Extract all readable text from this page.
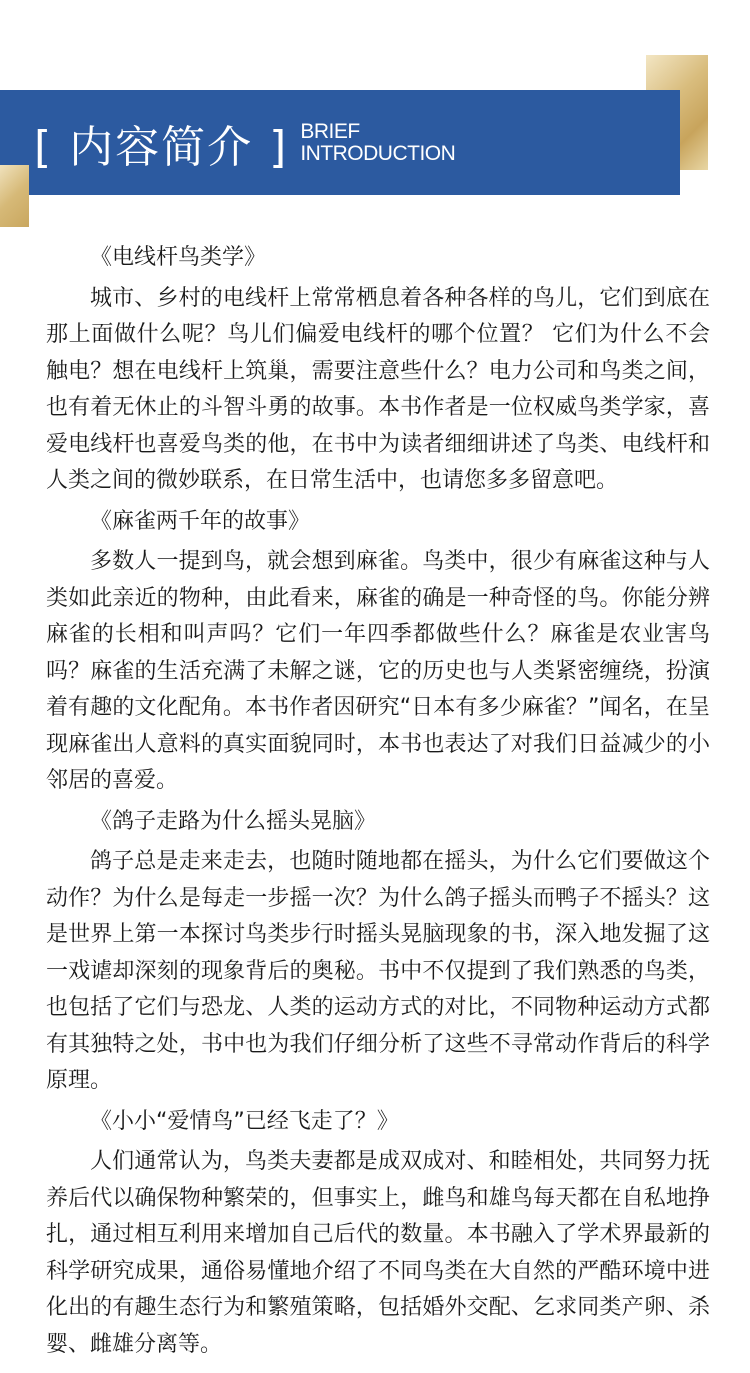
[ 内容简介 ] BRIEF
INTRODUCTION

《电线杆鸟类学》

城市、乡村的电线杆上常常栖息着各种各样的鸟儿，它们到底在那上面做什么呢？鸟儿们偏爱电线杆的哪个位置？ 它们为什么不会触电？想在电线杆上筑巢，需要注意些什么？电力公司和鸟类之间，也有着无休止的斗智斗勇的故事。本书作者是一位权威鸟类学家，喜爱电线杆也喜爱鸟类的他，在书中为读者细细讲述了鸟类、电线杆和人类之间的微妙联系，在日常生活中，也请您多多留意吧。

《麻雀两千年的故事》

多数人一提到鸟，就会想到麻雀。鸟类中，很少有麻雀这种与人类如此亲近的物种，由此看来，麻雀的确是一种奇怪的鸟。你能分辨麻雀的长相和叫声吗？它们一年四季都做些什么？麻雀是农业害鸟吗？麻雀的生活充满了未解之谜，它的历史也与人类紧密缠绕，扮演着有趣的文化配角。本书作者因研究“日本有多少麻雀？”闻名，在呈现麻雀出人意料的真实面貌同时，本书也表达了对我们日益减少的小邻居的喜爱。

《鸽子走路为什么摇头晃脑》

鸽子总是走来走去，也随时随地都在摇头，为什么它们要做这个动作？为什么是每走一步摇一次？为什么鸽子摇头而鸭子不摇头？这是世界上第一本探讨鸟类步行时摇头晃脑现象的书，深入地发掘了这一戏谑却深刻的现象背后的奥秘。书中不仅提到了我们熟悉的鸟类，也包括了它们与恐龙、人类的运动方式的对比，不同物种运动方式都有其独特之处，书中也为我们仔细分析了这些不寻常动作背后的科学原理。

《小小“爱情鸟”已经飞走了？》

人们通常认为，鸟类夫妻都是成双成对、和睦相处，共同努力抚养后代以确保物种繁荣的，但事实上，雌鸟和雄鸟每天都在自私地挣扎，通过相互利用来增加自己后代的数量。本书融入了学术界最新的科学研究成果，通俗易懂地介绍了不同鸟类在大自然的严酷环境中进化出的有趣生态行为和繁殖策略，包括婚外交配、乞求同类产卵、杀婴、雌雄分离等。
